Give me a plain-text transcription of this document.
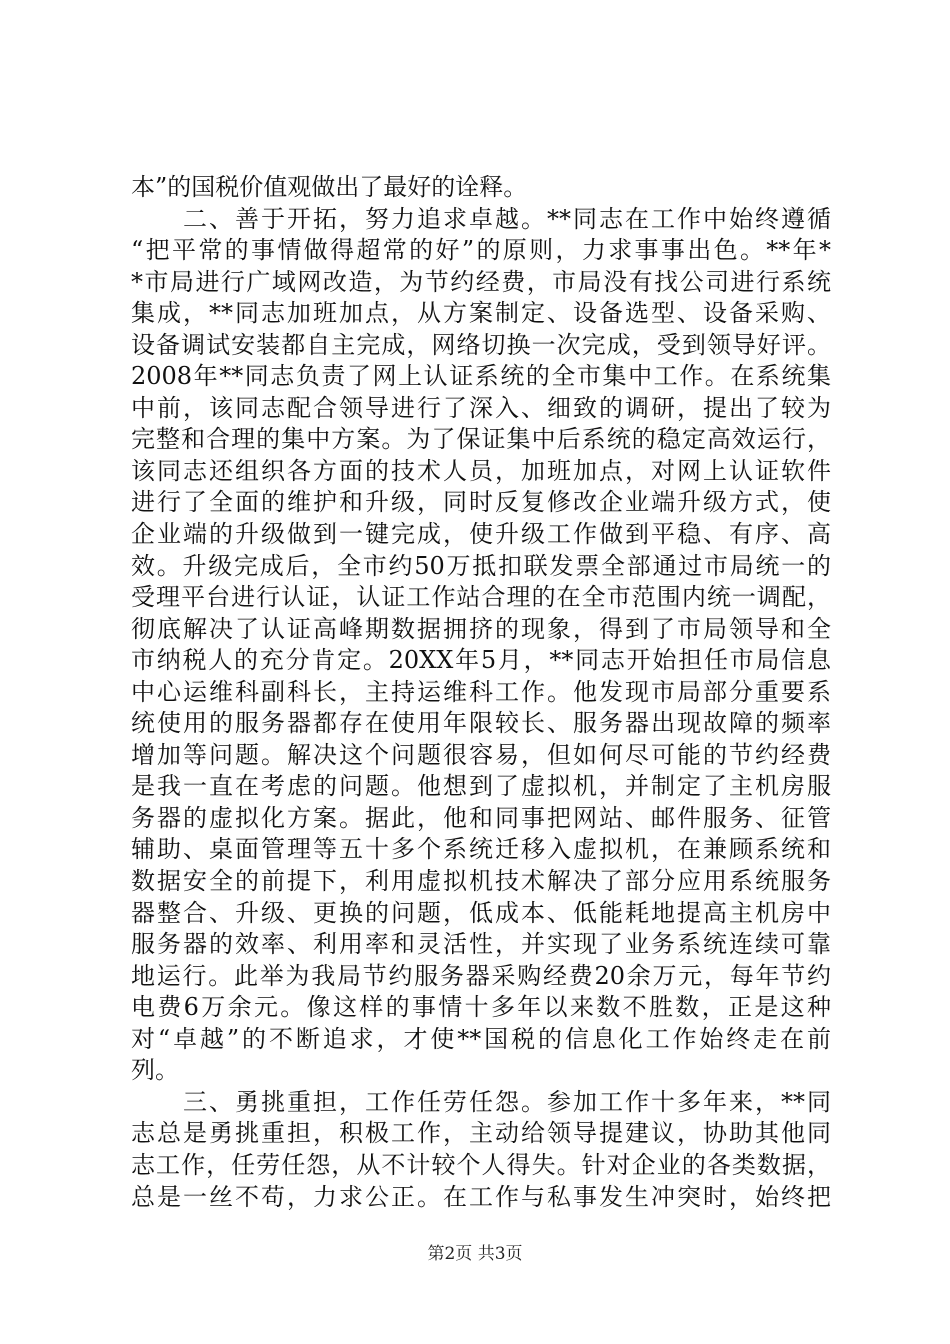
本”的国税价值观做出了最好的诠释。
　　二、善于开拓，努力追求卓越。**同志在工作中始终遵循
“把平常的事情做得超常的好”的原则，力求事事出色。**年*
*市局进行广域网改造，为节约经费，市局没有找公司进行系统
集成，**同志加班加点，从方案制定、设备选型、设备采购、
设备调试安装都自主完成，网络切换一次完成，受到领导好评。
2008年**同志负责了网上认证系统的全市集中工作。在系统集
中前，该同志配合领导进行了深入、细致的调研，提出了较为
完整和合理的集中方案。为了保证集中后系统的稳定高效运行，
该同志还组织各方面的技术人员，加班加点，对网上认证软件
进行了全面的维护和升级，同时反复修改企业端升级方式，使
企业端的升级做到一键完成，使升级工作做到平稳、有序、高
效。升级完成后，全市约50万抵扣联发票全部通过市局统一的
受理平台进行认证，认证工作站合理的在全市范围内统一调配，
彻底解决了认证高峰期数据拥挤的现象，得到了市局领导和全
市纳税人的充分肯定。20XX年5月，**同志开始担任市局信息
中心运维科副科长，主持运维科工作。他发现市局部分重要系
统使用的服务器都存在使用年限较长、服务器出现故障的频率
增加等问题。解决这个问题很容易，但如何尽可能的节约经费
是我一直在考虑的问题。他想到了虚拟机，并制定了主机房服
务器的虚拟化方案。据此，他和同事把网站、邮件服务、征管
辅助、桌面管理等五十多个系统迁移入虚拟机，在兼顾系统和
数据安全的前提下，利用虚拟机技术解决了部分应用系统服务
器整合、升级、更换的问题，低成本、低能耗地提高主机房中
服务器的效率、利用率和灵活性，并实现了业务系统连续可靠
地运行。此举为我局节约服务器采购经费20余万元，每年节约
电费6万余元。像这样的事情十多年以来数不胜数，正是这种
对“卓越”的不断追求，才使**国税的信息化工作始终走在前
列。
　　三、勇挑重担，工作任劳任怨。参加工作十多年来，**同
志总是勇挑重担，积极工作，主动给领导提建议，协助其他同
志工作，任劳任怨，从不计较个人得失。针对企业的各类数据，
总是一丝不苟，力求公正。在工作与私事发生冲突时，始终把
第2页 共3页
